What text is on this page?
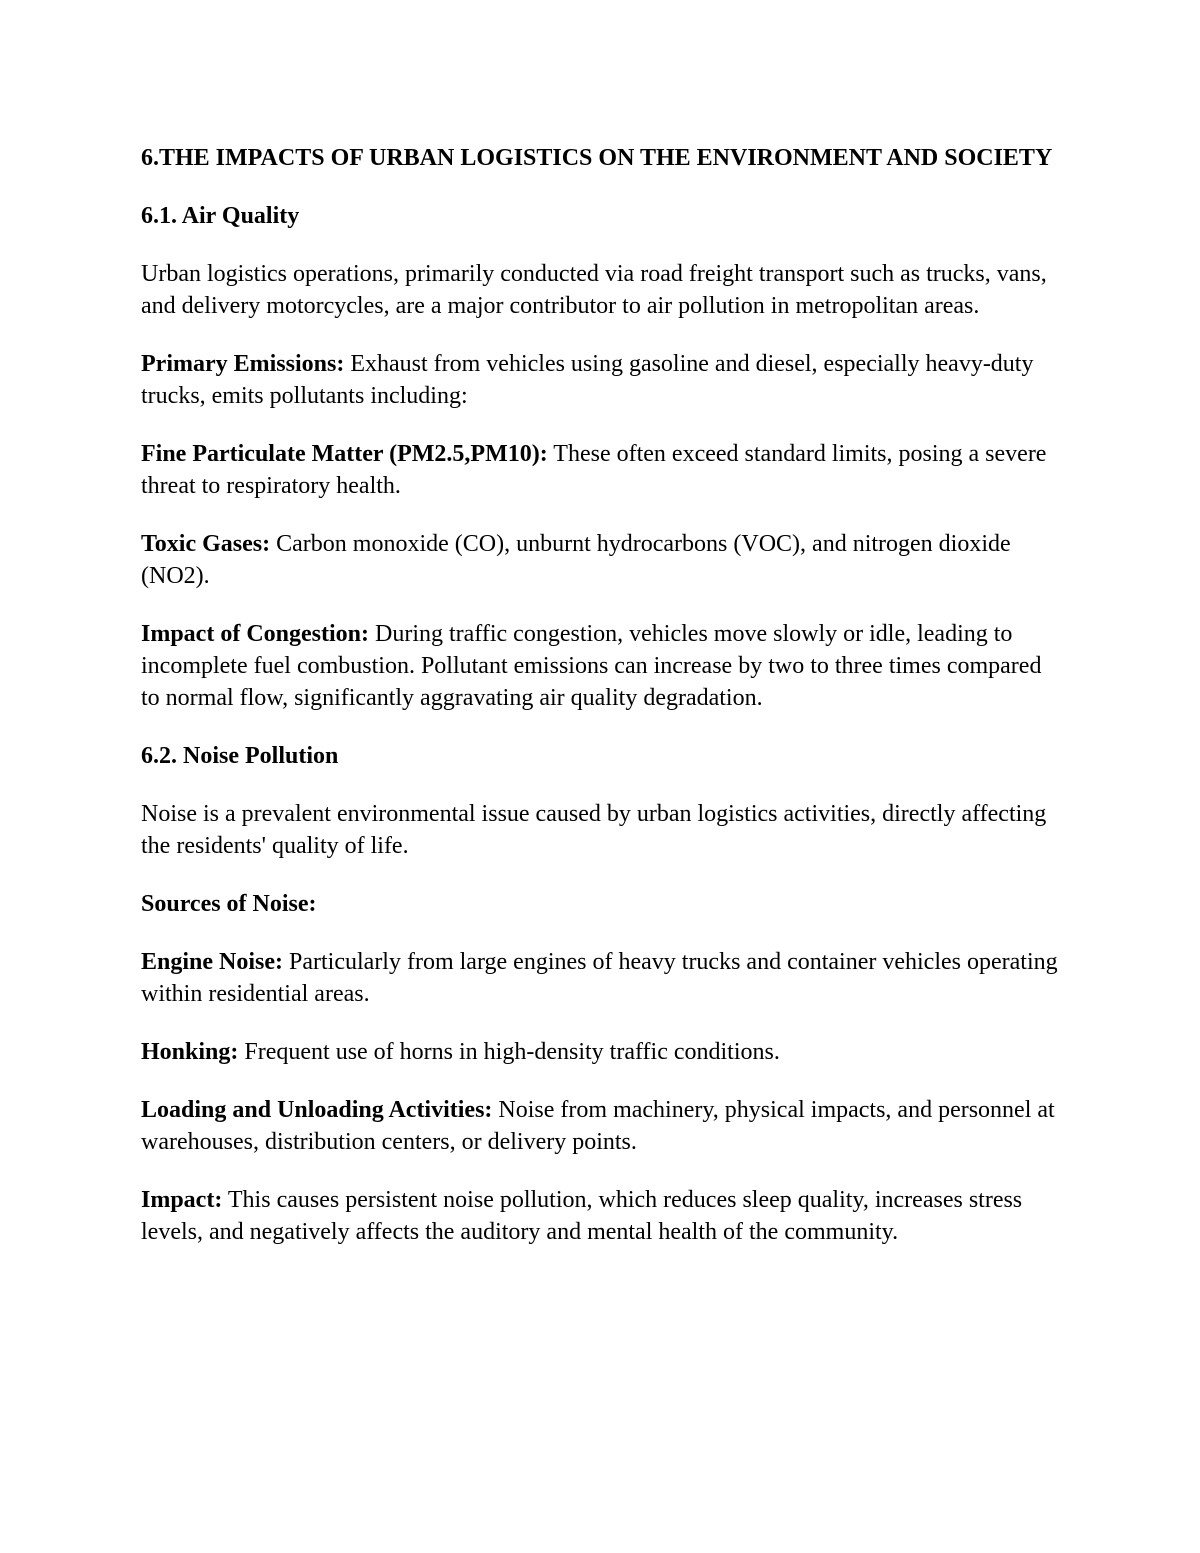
6.THE IMPACTS OF URBAN LOGISTICS ON THE ENVIRONMENT AND SOCIETY

6.1. Air Quality

Urban logistics operations, primarily conducted via road freight transport such as trucks, vans, and delivery motorcycles, are a major contributor to air pollution in metropolitan areas.

Primary Emissions: Exhaust from vehicles using gasoline and diesel, especially heavy-duty trucks, emits pollutants including:

Fine Particulate Matter (PM2.5,PM10): These often exceed standard limits, posing a severe threat to respiratory health.

Toxic Gases: Carbon monoxide (CO), unburnt hydrocarbons (VOC), and nitrogen dioxide (NO2).

Impact of Congestion: During traffic congestion, vehicles move slowly or idle, leading to incomplete fuel combustion. Pollutant emissions can increase by two to three times compared to normal flow, significantly aggravating air quality degradation.

6.2. Noise Pollution

Noise is a prevalent environmental issue caused by urban logistics activities, directly affecting the residents' quality of life.

Sources of Noise:

Engine Noise: Particularly from large engines of heavy trucks and container vehicles operating within residential areas.

Honking: Frequent use of horns in high-density traffic conditions.

Loading and Unloading Activities: Noise from machinery, physical impacts, and personnel at warehouses, distribution centers, or delivery points.

Impact: This causes persistent noise pollution, which reduces sleep quality, increases stress levels, and negatively affects the auditory and mental health of the community.
